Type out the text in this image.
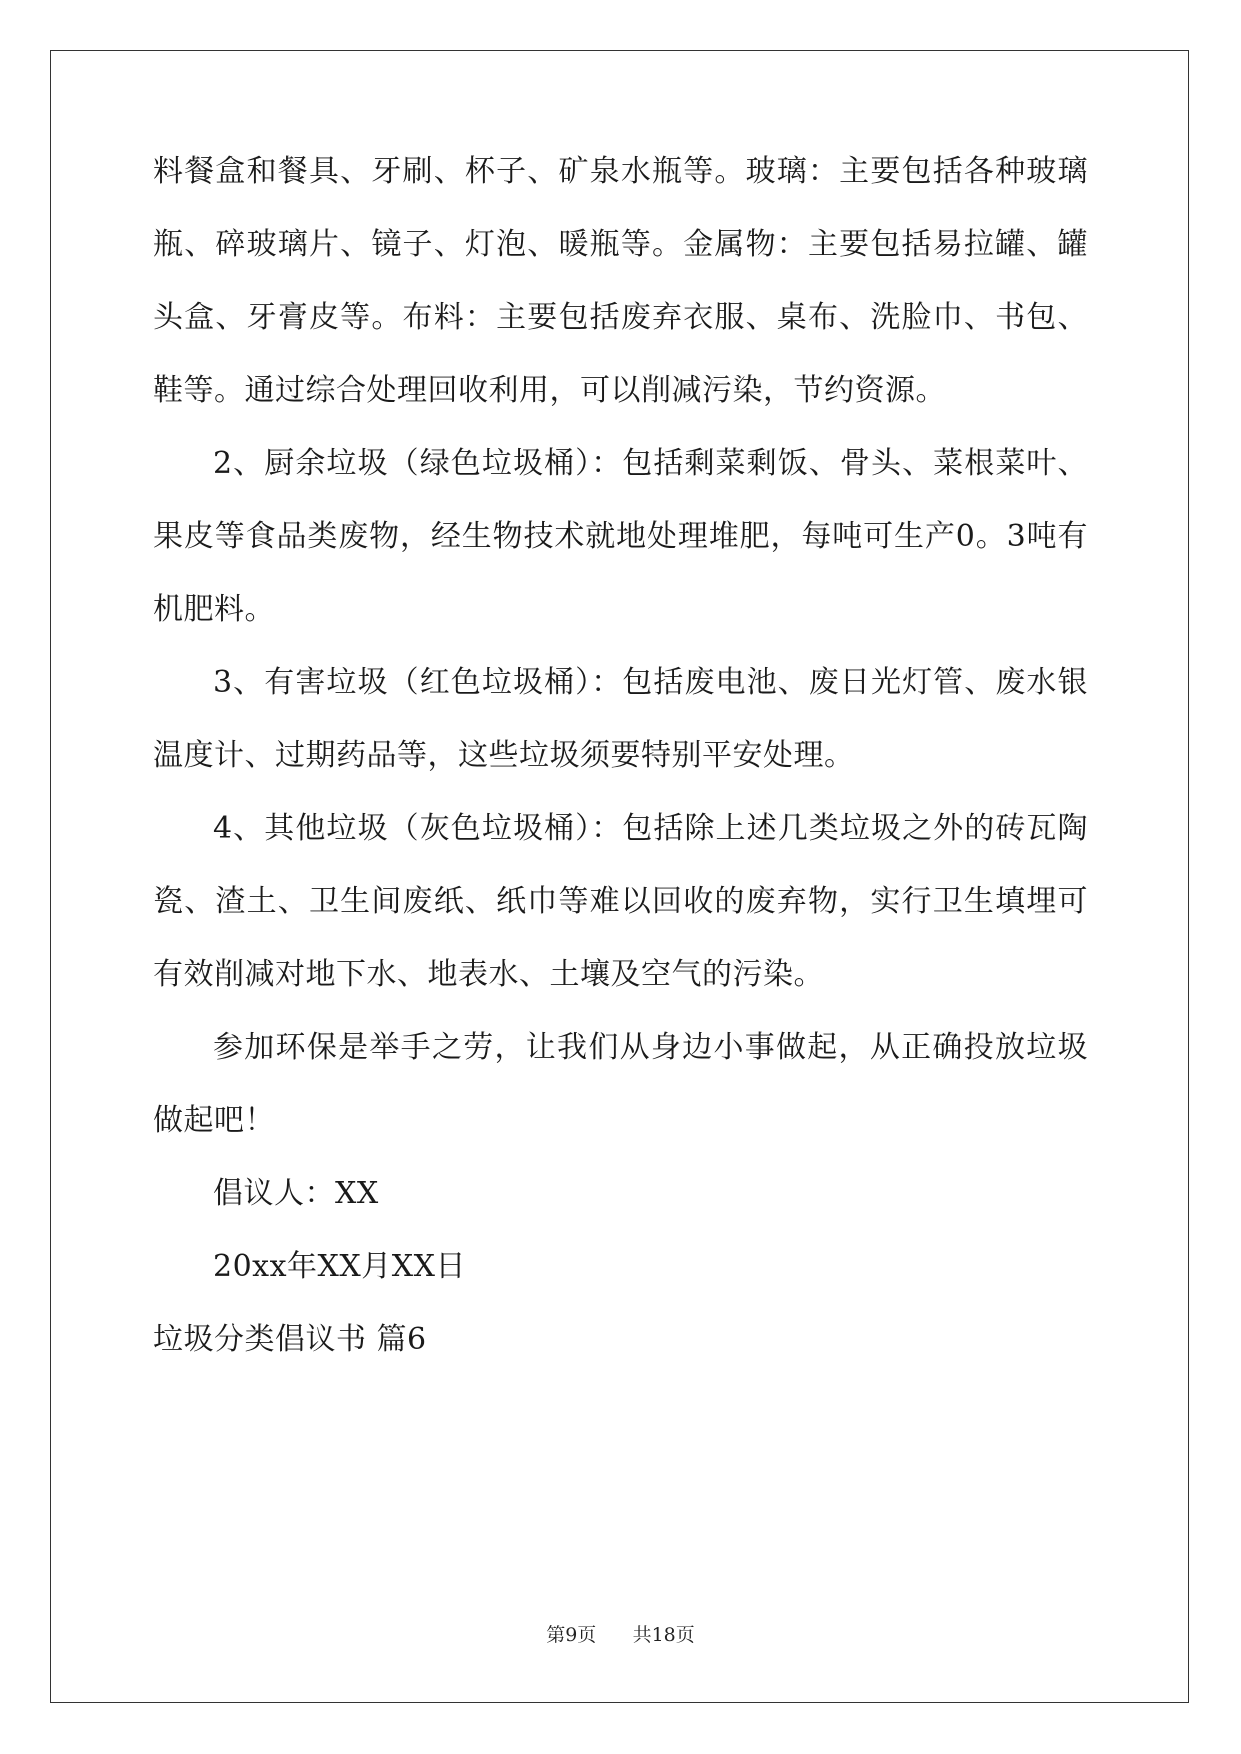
料餐盒和餐具、牙刷、杯子、矿泉水瓶等。玻璃：主要包括各种玻璃
瓶、碎玻璃片、镜子、灯泡、暖瓶等。金属物：主要包括易拉罐、罐
头盒、牙膏皮等。布料：主要包括废弃衣服、桌布、洗脸巾、书包、
鞋等。通过综合处理回收利用，可以削减污染，节约资源。
2、厨余垃圾（绿色垃圾桶）：包括剩菜剩饭、骨头、菜根菜叶、
果皮等食品类废物，经生物技术就地处理堆肥，每吨可生产0。3吨有
机肥料。
3、有害垃圾（红色垃圾桶）：包括废电池、废日光灯管、废水银
温度计、过期药品等，这些垃圾须要特别平安处理。
4、其他垃圾（灰色垃圾桶）：包括除上述几类垃圾之外的砖瓦陶
瓷、渣土、卫生间废纸、纸巾等难以回收的废弃物，实行卫生填埋可
有效削减对地下水、地表水、土壤及空气的污染。
参加环保是举手之劳，让我们从身边小事做起，从正确投放垃圾
做起吧！
倡议人：XX
20xx年XX月XX日
垃圾分类倡议书 篇6
第9页 共18页
